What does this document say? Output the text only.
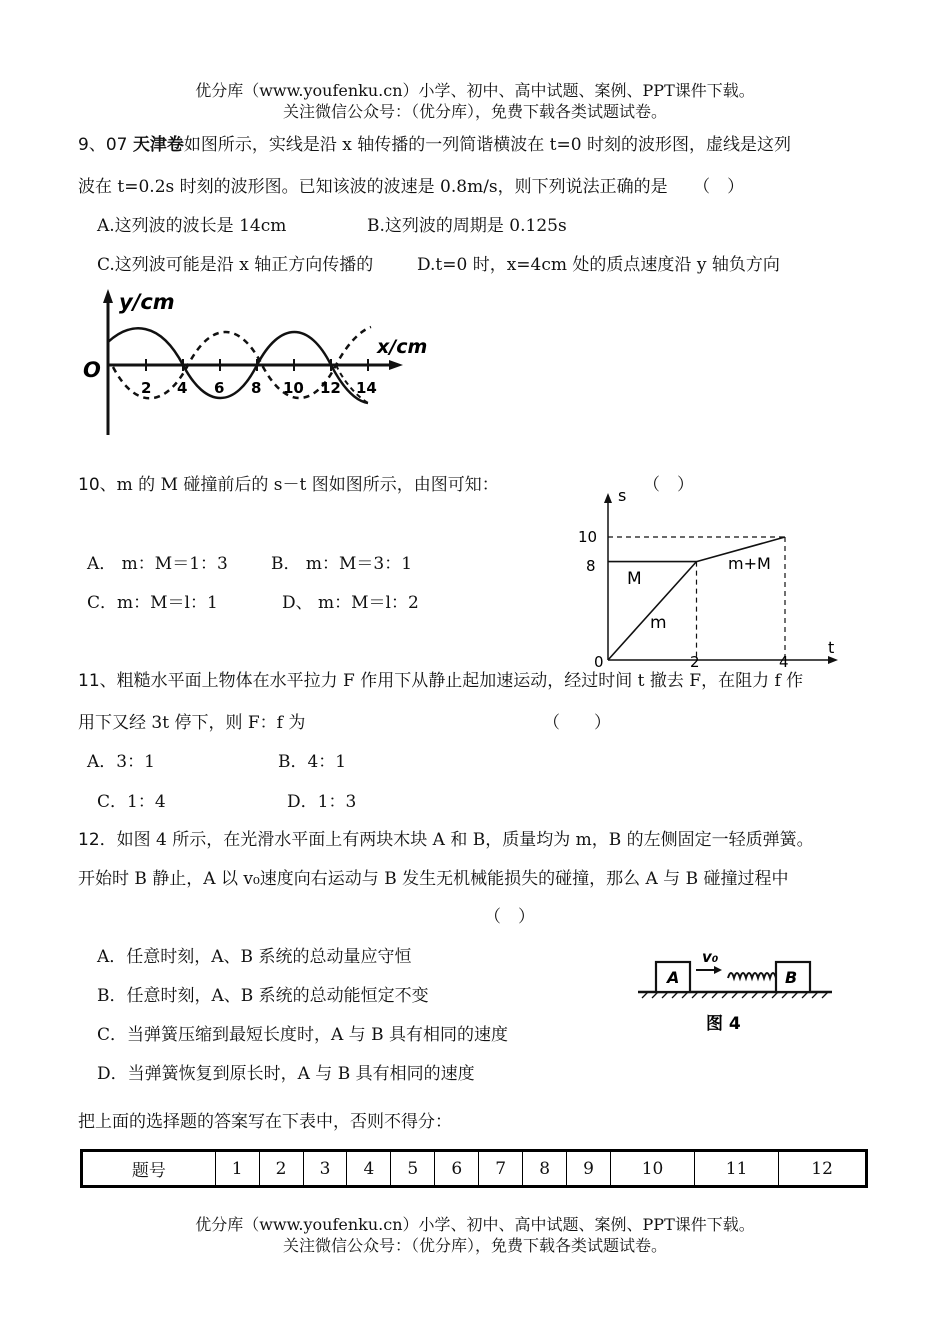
优分库（www.youfenku.cn）小学、初中、高中试题、案例、PPT课件下载。
关注微信公众号：（优分库），免费下载各类试题试卷。
9、07 天津卷如图所示，实线是沿 x 轴传播的一列简谐横波在 t=0 时刻的波形图，虚线是这列
波在 t=0.2s 时刻的波形图。已知该波的波速是 0.8m/s，则下列说法正确的是　　（　）
A.这列波的波长是 14cm	B.这列波的周期是 0.125s
C.这列波可能是沿 x 轴正方向传播的	D.t=0 时，x=4cm 处的质点速度沿 y 轴负方向
y/cm
x/cm
O
2 4 6 8 10 12 14
10、m 的 M 碰撞前后的 s－t 图如图所示，由图可知：	（　）
A． m：M＝1：3	B． m：M＝3：1
C．m：M＝l：1	D、 m：M＝l：2
s
t
0	2	4
8
10
M
m
m+M
11、粗糙水平面上物体在水平拉力 F 作用下从静止起加速运动，经过时间 t 撤去 F，在阻力 f 作
用下又经 3t 停下，则 F：f 为	（　　）
A．3：1	B．4：1
C．1：4	D．1：3
12．如图 4 所示，在光滑水平面上有两块木块 A 和 B，质量均为 m，B 的左侧固定一轻质弹簧。
开始时 B 静止，A 以 v₀速度向右运动与 B 发生无机械能损失的碰撞，那么 A 与 B 碰撞过程中
（　）
A．任意时刻，A、B 系统的总动量应守恒
B．任意时刻，A、B 系统的总动能恒定不变
C．当弹簧压缩到最短长度时，A 与 B 具有相同的速度
D．当弹簧恢复到原长时，A 与 B 具有相同的速度
A
v₀
B
图 4
把上面的选择题的答案写在下表中，否则不得分：
题号	1	2	3	4	5	6	7	8	9	10	11	12
优分库（www.youfenku.cn）小学、初中、高中试题、案例、PPT课件下载。
关注微信公众号：（优分库），免费下载各类试题试卷。
